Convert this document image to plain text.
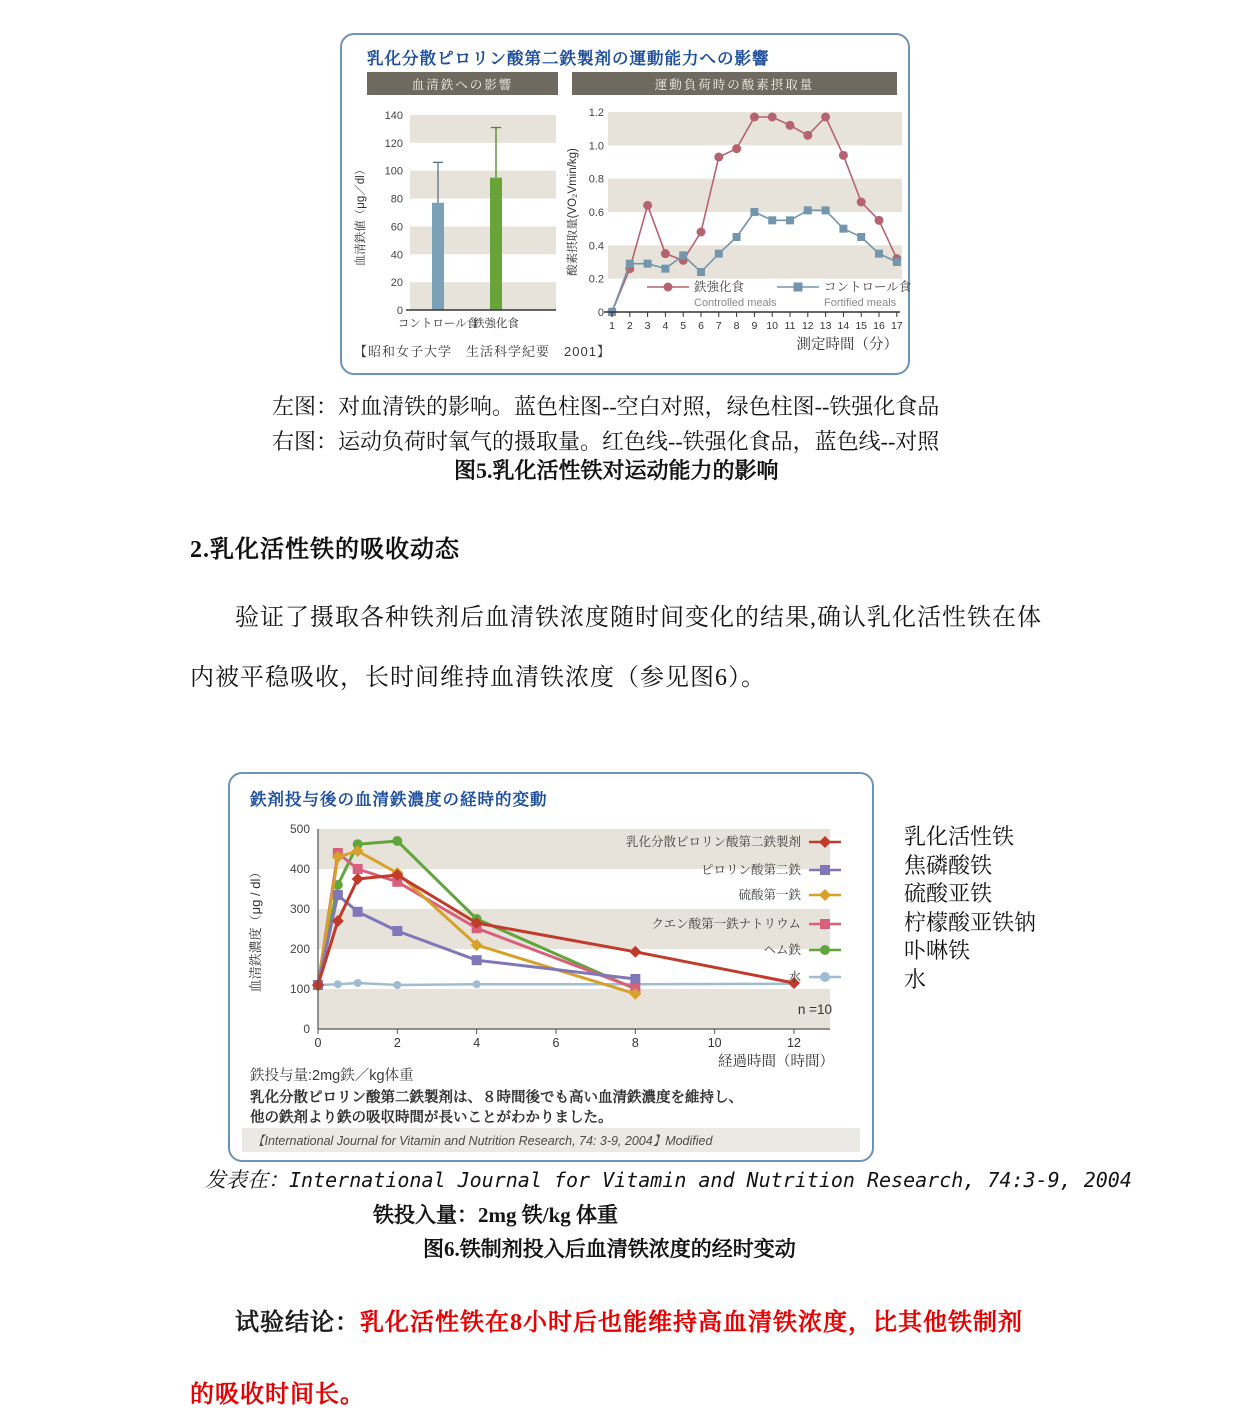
乳化分散ピロリン酸第二鉄製剤の運動能力への影響
血清鉄への影響	運動負荷時の酸素摂取量
0
20
40
60
80
100
120
140
血清鉄値（μg／dl）
コントロール食
鉄強化食
0
0.2
0.4
0.6
0.8
1.0
1.2
酸素摂取量(VO₂Vmin/kg)
鉄強化食
Controlled meals
コントロール食
Fortified meals
1 2 3 4 5 6 7 8 9 10 11 12 13 14 15 16 17
測定時間（分）
【昭和女子大学　生活科学紀要　2001】
左图：对血清铁的影响。蓝色柱图--空白对照，绿色柱图--铁强化食品
右图：运动负荷时氧气的摄取量。红色线--铁强化食品，蓝色线--对照
图5.乳化活性铁对运动能力的影响
2.乳化活性铁的吸收动态
验证了摄取各种铁剂后血清铁浓度随时间变化的结果,确认乳化活性铁在体
内被平稳吸收，长时间维持血清铁浓度（参见图6）。
鉄剤投与後の血清鉄濃度の経時的変動
0
100
200
300
400
500
血清鉄濃度（μg / dl）
乳化分散ピロリン酸第二鉄製剤
ピロリン酸第二鉄
硫酸第一鉄
クエン酸第一鉄ナトリウム
ヘム鉄
水
n =10
0	2	4	6	8	10	12
経過時間（時間）
鉄投与量:2mg鉄／kg体重
乳化分散ピロリン酸第二鉄製剤は、８時間後でも高い血清鉄濃度を維持し、
他の鉄剤より鉄の吸収時間が長いことがわかりました。
【International Journal for Vitamin and Nutrition Research, 74: 3-9, 2004】Modified
乳化活性铁
焦磷酸铁
硫酸亚铁
柠檬酸亚铁钠
卟啉铁
水
发表在：International Journal for Vitamin and Nutrition Research, 74:3-9, 2004
铁投入量：2mg 铁/kg 体重
图6.铁制剂投入后血清铁浓度的经时变动
试验结论：乳化活性铁在8小时后也能维持高血清铁浓度，比其他铁制剂
的吸收时间长。
